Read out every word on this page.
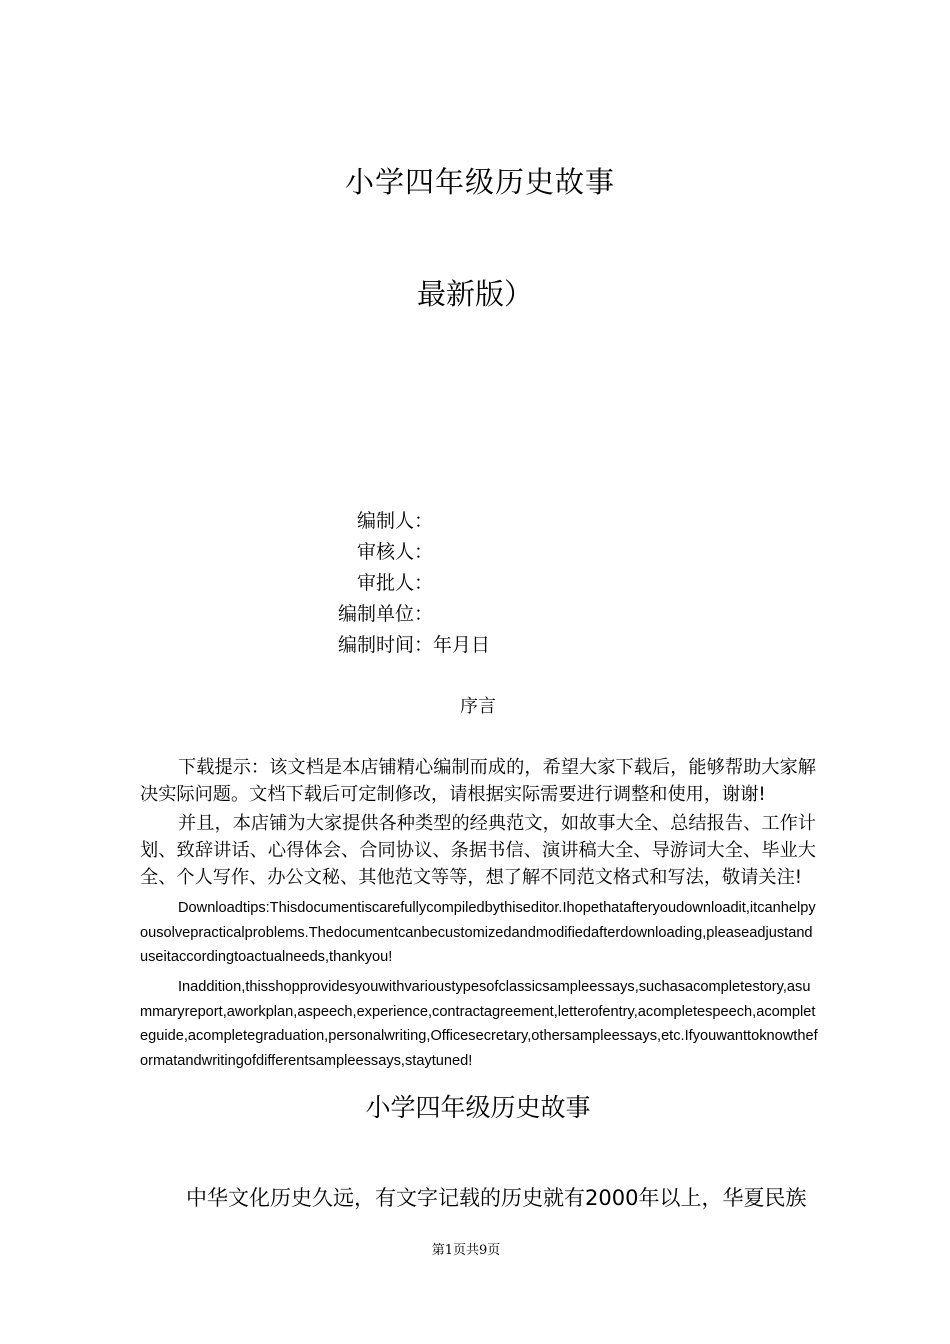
小学四年级历史故事
最新版）
编制人：
审核人：
审批人：
编制单位：
编制时间：年月日
序言

下载提示：该文档是本店铺精心编制而成的，希望大家下载后，能够帮助大家解决实际问题。文档下载后可定制修改，请根据实际需要进行调整和使用，谢谢!

并且，本店铺为大家提供各种类型的经典范文，如故事大全、总结报告、工作计划、致辞讲话、心得体会、合同协议、条据书信、演讲稿大全、导游词大全、毕业大全、个人写作、办公文秘、其他范文等等，想了解不同范文格式和写法，敬请关注!

Downloadtips:Thisdocumentiscarefullycompiledbythiseditor.Ihopethatafteryoudownloadit,itcanhelpyousolvepracticalproblems.Thedocumentcanbecustomizedandmodifiedafterdownloading,pleaseadjustanduseitaccordingtoactualneeds,thankyou!

Inaddition,thisshopprovidesyouwithvarioustypesofclassicsampleessays,suchasacompletestory,asummaryreport,aworkplan,aspeech,experience,contractagreement,letterofentry,acompletespeech,acompleteguide,acompletegraduation,personalwriting,Officesecretary,othersampleessays,etc.Ifyouwanttoknowtheformatandwritingofdifferentsampleessays,staytuned!

小学四年级历史故事
中华文化历史久远，有文字记载的历史就有2000年以上，华夏民族
第1页共9页
